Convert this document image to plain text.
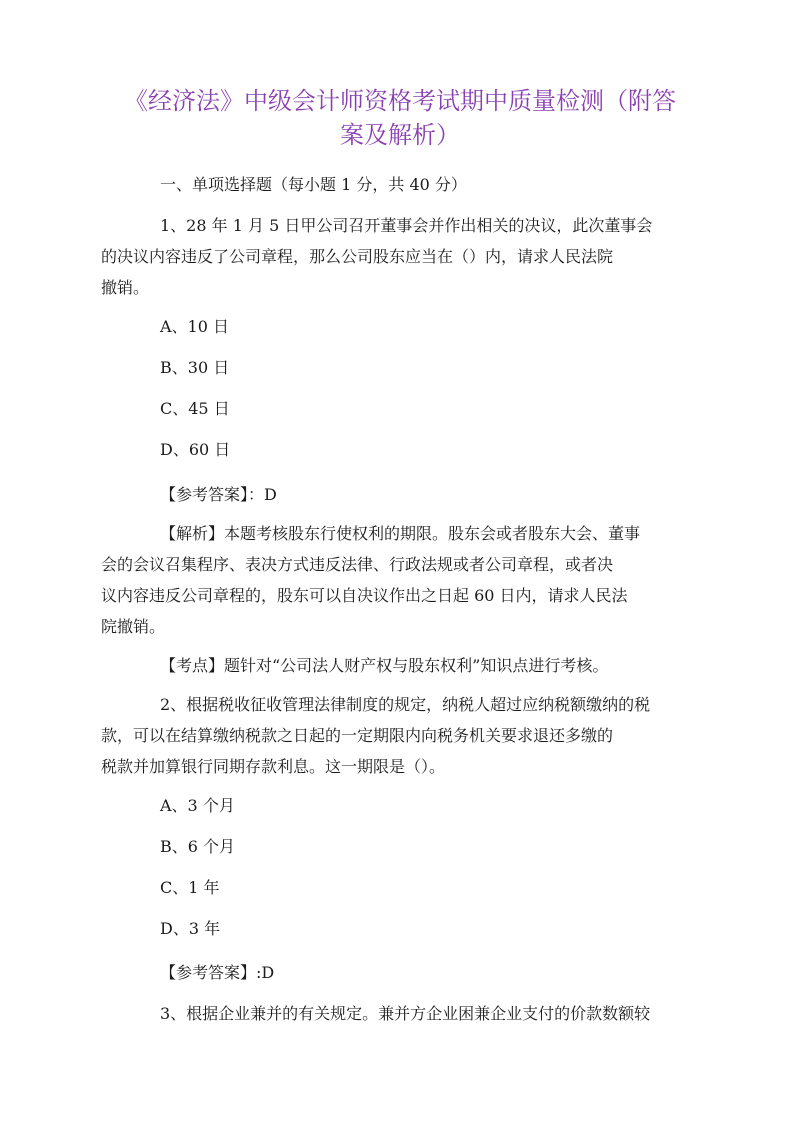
《经济法》中级会计师资格考试期中质量检测（附答
案及解析）
一、单项选择题（每小题 1 分，共 40 分）
1、28 年 1 月 5 日甲公司召开董事会并作出相关的决议，此次董事会
的决议内容违反了公司章程，那么公司股东应当在（）内，请求人民法院
撤销。
A、10 日
B、30 日
C、45 日
D、60 日
【参考答案】：D
【解析】本题考核股东行使权利的期限。股东会或者股东大会、董事
会的会议召集程序、表决方式违反法律、行政法规或者公司章程，或者决
议内容违反公司章程的，股东可以自决议作出之日起 60 日内，请求人民法
院撤销。
【考点】题针对“公司法人财产权与股东权利”知识点进行考核。
2、根据税收征收管理法律制度的规定，纳税人超过应纳税额缴纳的税
款，可以在结算缴纳税款之日起的一定期限内向税务机关要求退还多缴的
税款并加算银行同期存款利息。这一期限是（）。
A、3 个月
B、6 个月
C、1 年
D、3 年
【参考答案】:D
3、根据企业兼并的有关规定。兼并方企业困兼企业支付的价款数额较
